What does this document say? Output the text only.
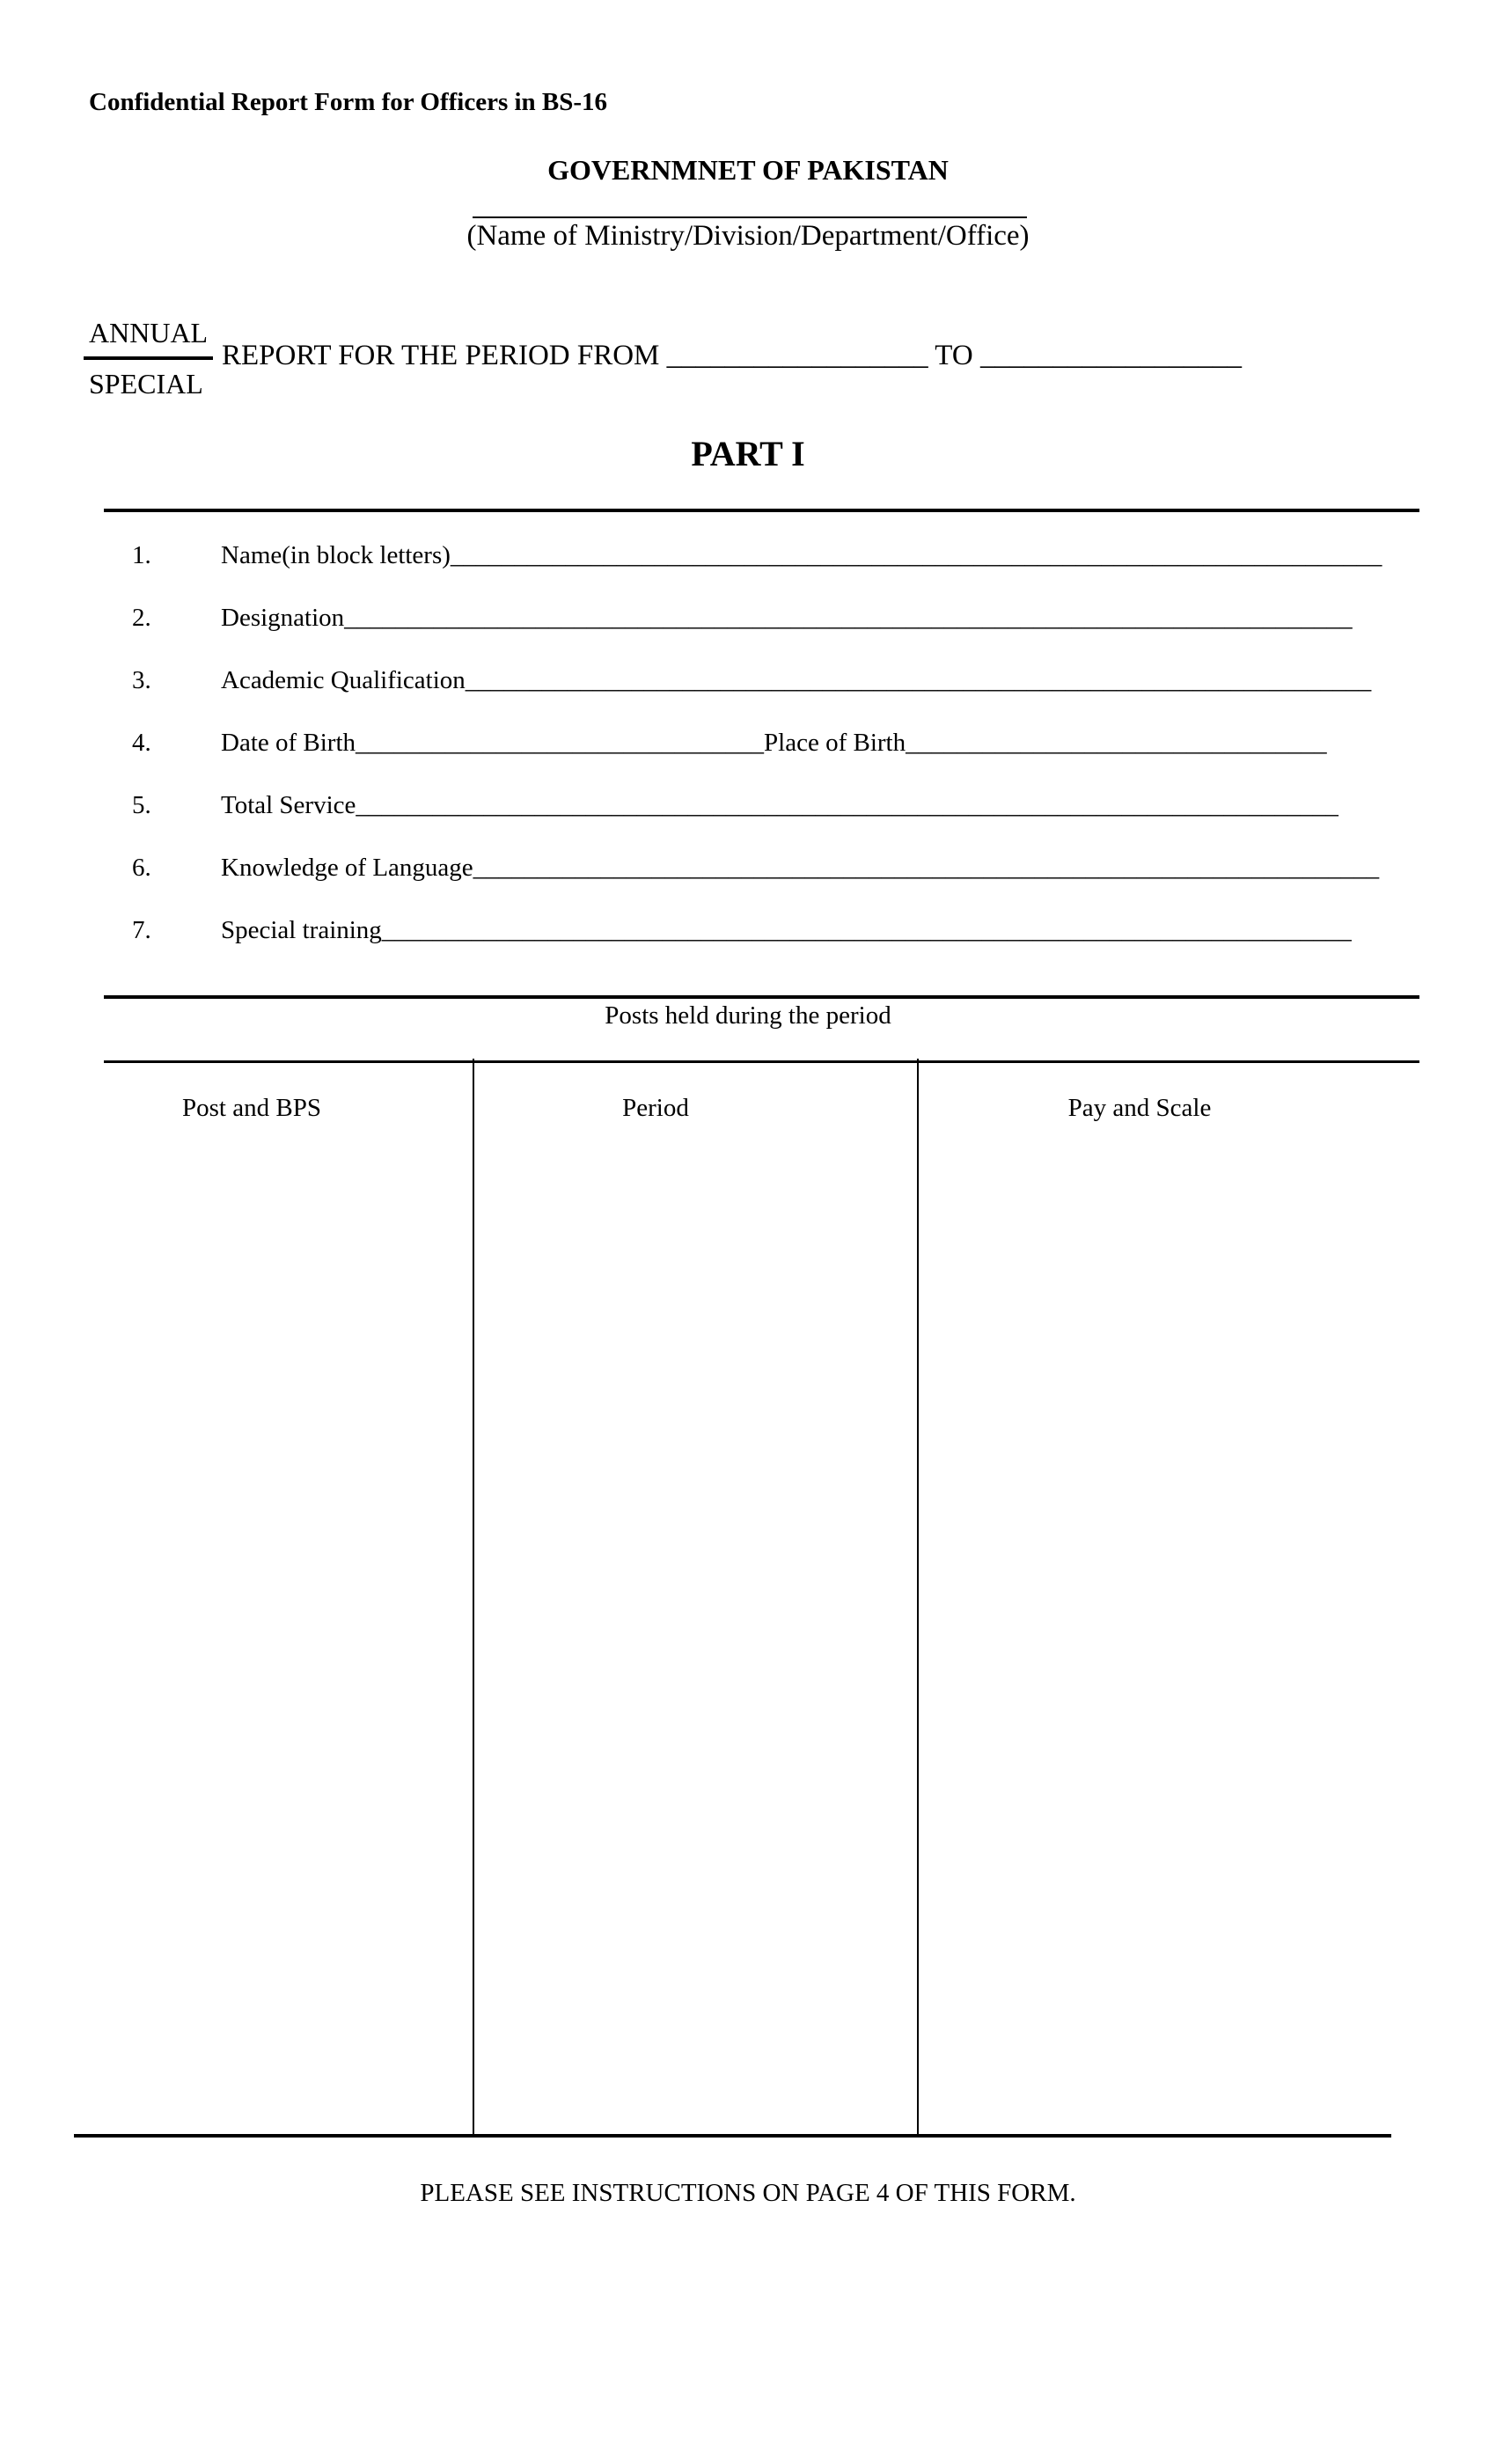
Confidential Report Form for Officers in BS-16
GOVERNMNET OF PAKISTAN
(Name of Ministry/Division/Department/Office)
ANNUAL
SPECIAL
REPORT FOR THE PERIOD FROM __________________ TO __________________
PART I

1.

	Name(in block letters)_________________________________________________________________________

2.

	Designation_______________________________________________________________________________

3.

	Academic Qualification_______________________________________________________________________

4.

	Date of Birth________________________________Place of Birth_________________________________

5.

	Total Service_____________________________________________________________________________

6.

	Knowledge of Language_______________________________________________________________________

7.

	Special training____________________________________________________________________________

Posts held during the period
Post and BPS	Period	Pay and Scale
PLEASE SEE INSTRUCTIONS ON PAGE 4 OF THIS FORM.
